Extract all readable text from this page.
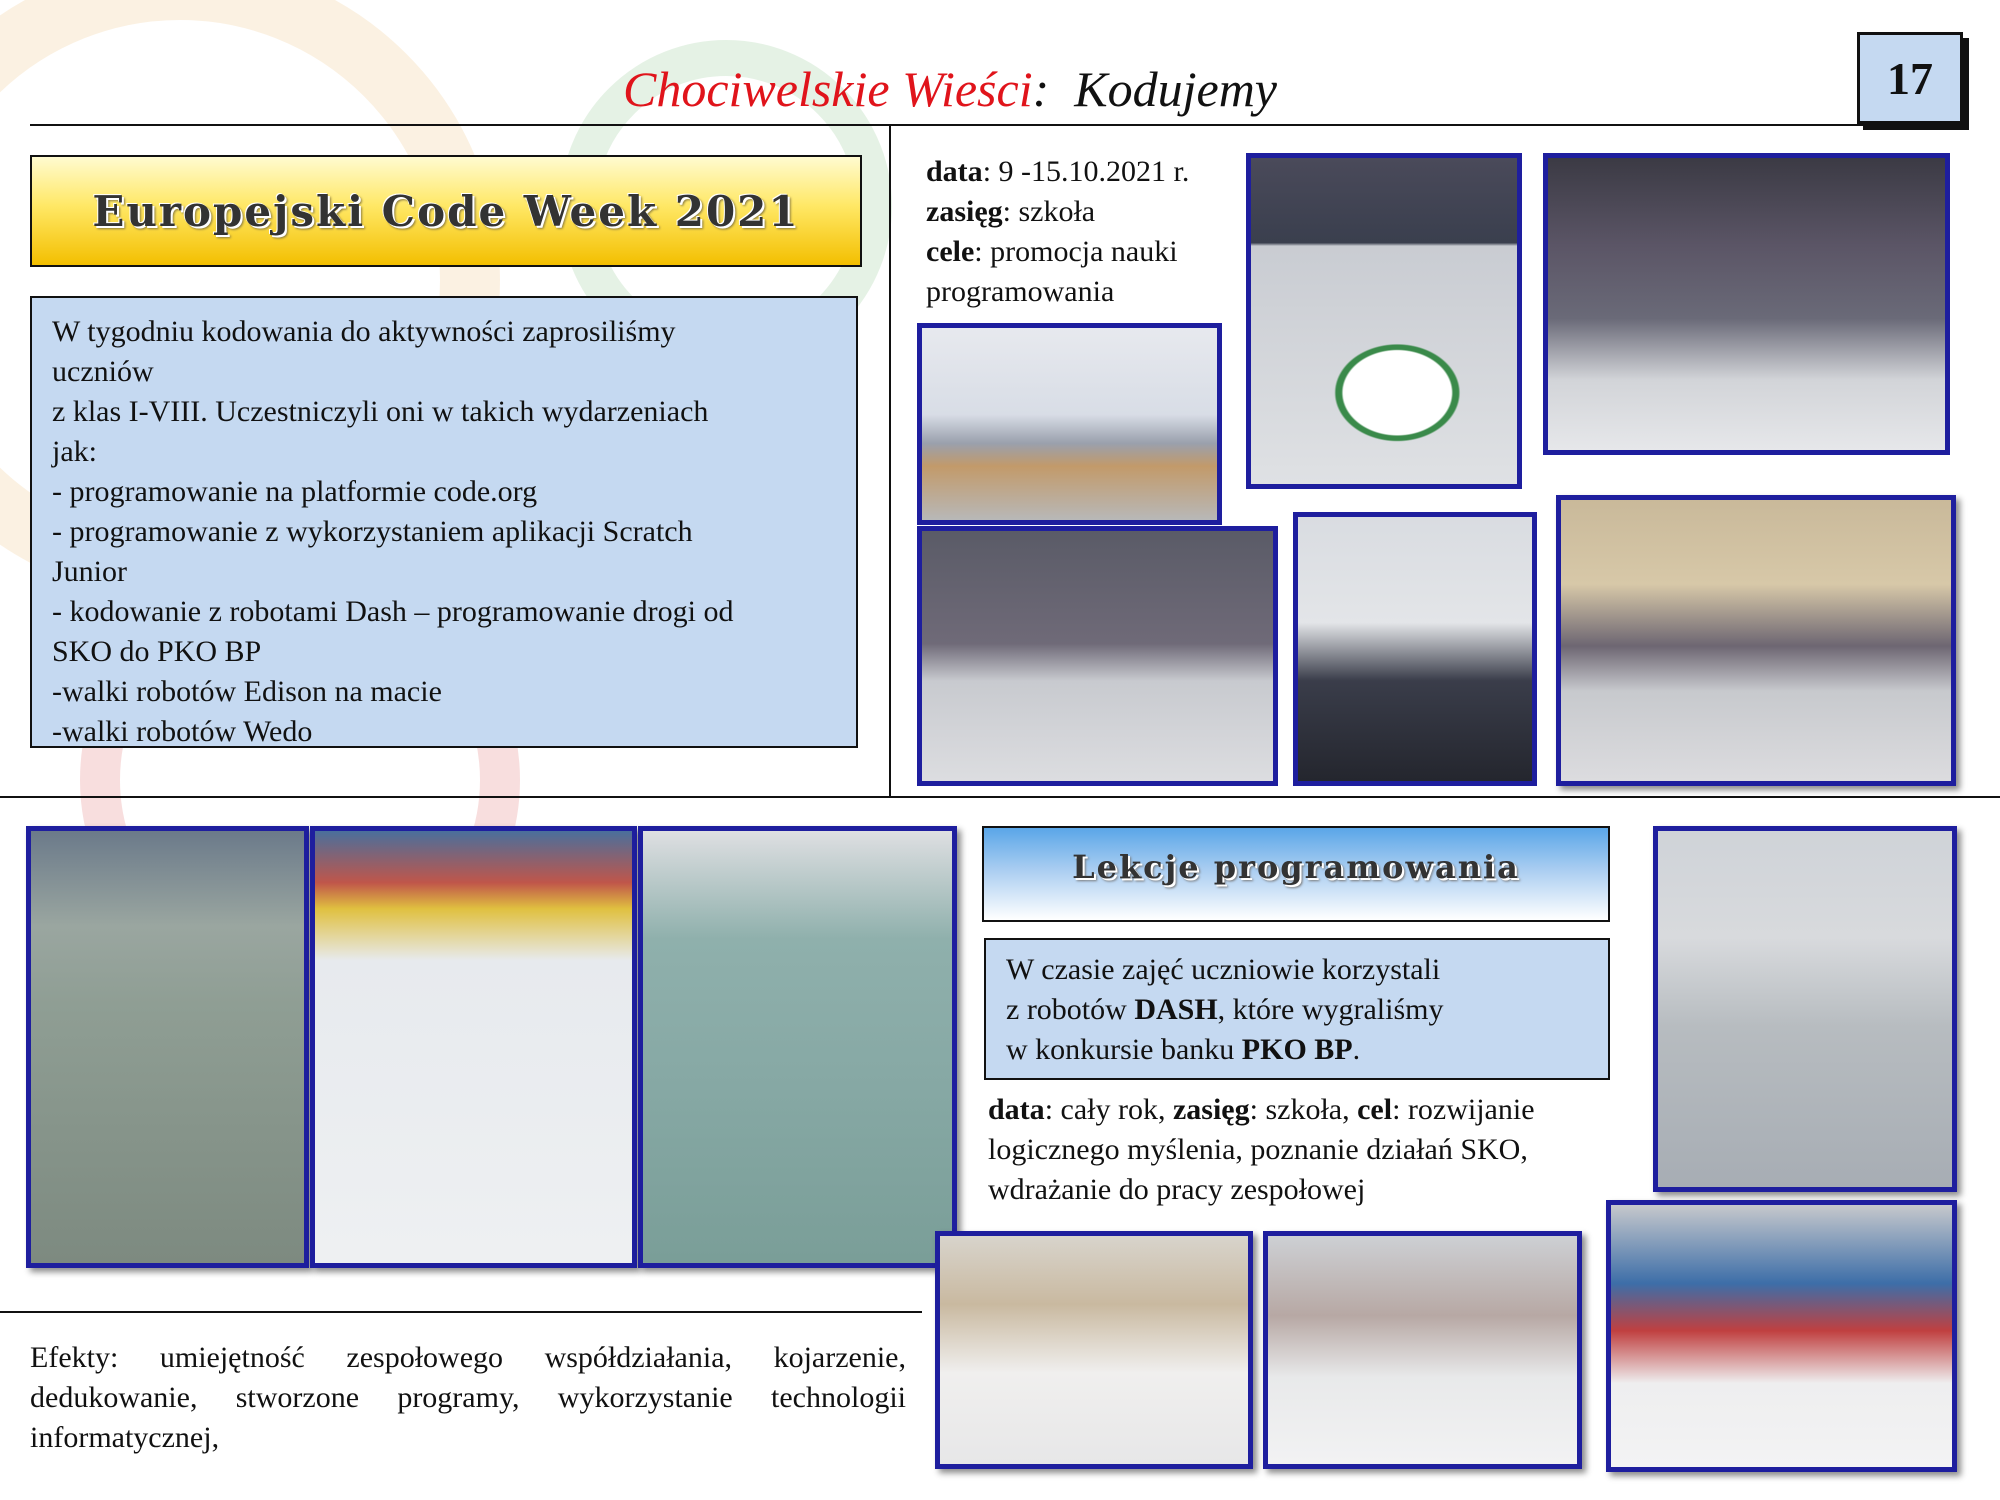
Chociwelskie Wieści: Kodujemy	17
Europejski Code Week 2021
W tygodniu kodowania do aktywności zaprosiliśmy
uczniów
z klas I-VIII. Uczestniczyli oni w takich wydarzeniach
jak:
- programowanie na platformie code.org
- programowanie z wykorzystaniem aplikacji Scratch
Junior
- kodowanie z robotami Dash – programowanie drogi od
SKO do PKO BP
-walki robotów Edison na macie
-walki robotów Wedo
data: 9 -15.10.2021 r.
zasięg: szkoła
cele: promocja nauki
programowania
Lekcje programowania
W czasie zajęć uczniowie korzystali
z robotów DASH, które wygraliśmy
w konkursie banku PKO BP.
data: cały rok, zasięg: szkoła, cel: rozwijanie
logicznego myślenia, poznanie działań SKO,
wdrażanie do pracy zespołowej
Efekty: umiejętność zespołowego współdziałania, kojarzenie, dedukowanie, stworzone programy, wykorzystanie technologii informatycznej,
